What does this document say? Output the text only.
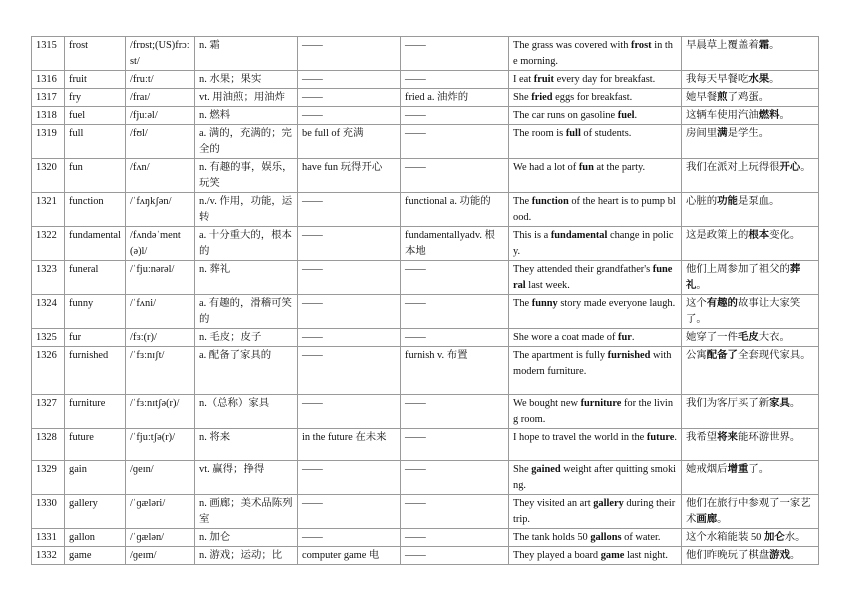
1315	frost	/frɒst;(US)frɔːst/	n. 霜	——	——	The grass was covered with frost in the morning.	早晨草上覆盖着霜。
1316	fruit	/fruːt/	n. 水果；果实	——	——	I eat fruit every day for breakfast.	我每天早餐吃水果。
1317	fry	/fraɪ/	vt. 用油煎；用油炸	——	fried a. 油炸的	She fried eggs for breakfast.	她早餐煎了鸡蛋。
1318	fuel	/fjuːəl/	n. 燃料	——	——	The car runs on gasoline fuel.	这辆车使用汽油燃料。
1319	full	/fʊl/	a. 满的，充满的；完全的	be full of 充满	——	The room is full of students.	房间里满是学生。
1320	fun	/fʌn/	n. 有趣的事，娱乐，玩笑	have fun 玩得开心	——	We had a lot of fun at the party.	我们在派对上玩得很开心。
1321	function	/ˈfʌŋkʃən/	n./v. 作用，功能，运转	——	functional a. 功能的	The function of the heart is to pump blood.	心脏的功能是泵血。
1322	fundamental	/fʌndəˈment(ə)l/	a. 十分重大的，根本的	——	fundamentallyadv. 根本地	This is a fundamental change in policy.	这是政策上的根本变化。
1323	funeral	/ˈfjuːnərəl/	n. 葬礼	——	——	They attended their grandfather's funeral last week.	他们上周参加了祖父的葬礼。
1324	funny	/ˈfʌni/	a. 有趣的，滑稽可笑的	——	——	The funny story made everyone laugh.	这个有趣的故事让大家笑了。
1325	fur	/fɜː(r)/	n. 毛皮；皮子	——	——	She wore a coat made of fur.	她穿了一件毛皮大衣。
1326	furnished	/ˈfɜːnɪʃt/	a. 配备了家具的	——	furnish v. 布置	The apartment is fully furnished with modern furniture.	公寓配备了全套现代家具。
1327	furniture	/ˈfɜːnɪtʃə(r)/	n.（总称）家具	——	——	We bought new furniture for the living room.	我们为客厅买了新家具。
1328	future	/ˈfjuːtʃə(r)/	n. 将来	in the future 在未来	——	I hope to travel the world in the future.	我希望将来能环游世界。
1329	gain	/ɡeɪn/	vt. 赢得；挣得	——	——	She gained weight after quitting smoking.	她戒烟后增重了。
1330	gallery	/ˈɡæləri/	n. 画廊；美术品陈列室	——	——	They visited an art gallery during their trip.	他们在旅行中参观了一家艺术画廊。
1331	gallon	/ˈɡælən/	n. 加仑	——	——	The tank holds 50 gallons of water.	这个水箱能装 50 加仑水。
1332	game	/ɡeɪm/	n. 游戏；运动；比	computer game 电	——	They played a board game last night.	他们昨晚玩了棋盘游戏。
